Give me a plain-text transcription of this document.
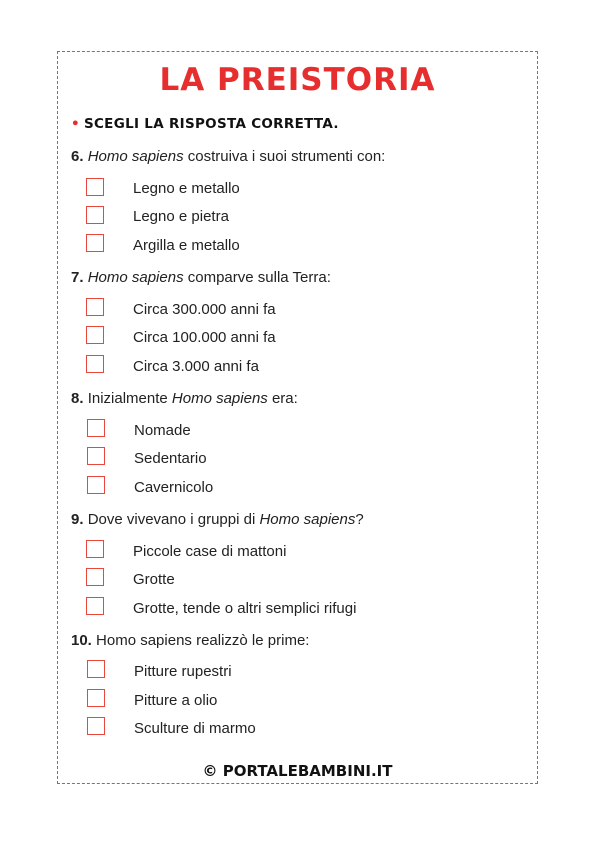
LA PREISTORIA
• SCEGLI LA RISPOSTA CORRETTA.
6. Homo sapiens costruiva i suoi strumenti con:
Legno e metallo
Legno e pietra
Argilla e metallo
7. Homo sapiens comparve sulla Terra:
Circa 300.000 anni fa
Circa 100.000 anni fa
Circa 3.000 anni fa
8. Inizialmente Homo sapiens era:
Nomade
Sedentario
Cavernicolo
9. Dove vivevano i gruppi di Homo sapiens?
Piccole case di mattoni
Grotte
Grotte, tende o altri semplici rifugi
10. Homo sapiens realizzò le prime:
Pitture rupestri
Pitture a olio
Sculture di marmo
© PORTALEBAMBINI.IT
